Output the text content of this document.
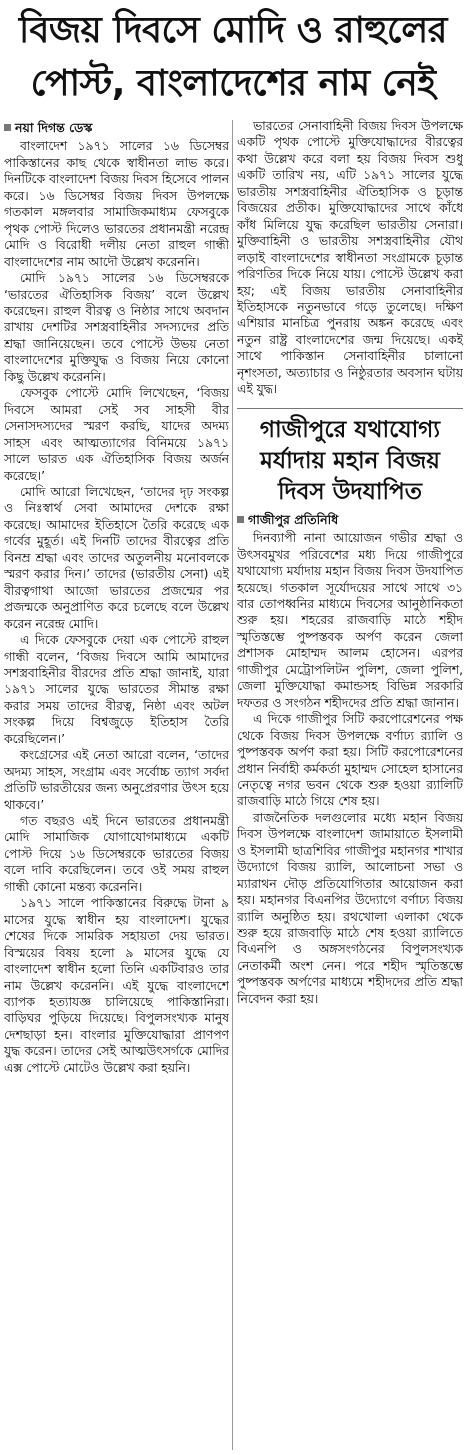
বিজয় দিবসে মোদি ও রাহুলের
পোস্ট, বাংলাদেশের নাম নেই
নয়া দিগন্ত ডেস্ক

বাংলাদেশ ১৯৭১ সালের ১৬ ডিসেম্বর পাকিস্তানের কাছ থেকে স্বাধীনতা লাভ করে। দিনটিকে বাংলাদেশ বিজয় দিবস হিসেবে পালন করে। ১৬ ডিসেম্বর বিজয় দিবস উপলক্ষে গতকাল মঙ্গলবার সামাজিকমাধ্যম ফেসবুকে পৃথক পোস্ট দিলেও ভারতের প্রধানমন্ত্রী নরেন্দ্র মোদি ও বিরোধী দলীয় নেতা রাহুল গান্ধী বাংলাদেশের নাম আদৌ উল্লেখ করেননি।

মোদি ১৯৭১ সালের ১৬ ডিসেম্বরকে ‘ভারতের ঐতিহাসিক বিজয়’ বলে উল্লেখ করেছেন। রাহুল বীরত্ব ও নিষ্ঠার সাথে অবদান রাখায় দেশটির সশস্ত্রবাহিনীর সদস্যদের প্রতি শ্রদ্ধা জানিয়েছেন। তবে পোস্টে উভয় নেতা বাংলাদেশের মুক্তিযুদ্ধ ও বিজয় নিয়ে কোনো কিছু উল্লেখ করেননি।

ফেসবুক পোস্টে মোদি লিখেছেন, ‘বিজয় দিবসে আমরা সেই সব সাহসী বীর সেনাসদস্যদের স্মরণ করছি, যাদের অদম্য সাহস এবং আত্মত্যাগের বিনিময়ে ১৯৭১ সালে ভারত এক ঐতিহাসিক বিজয় অর্জন করেছে।’

মোদি আরো লিখেছেন, ‘তাদের দৃঢ় সংকল্প ও নিঃস্বার্থ সেবা আমাদের দেশকে রক্ষা করেছে। আমাদের ইতিহাসে তৈরি করেছে এক গর্বের মুহূর্ত। এই দিনটি তাদের বীরত্বের প্রতি বিনম্র শ্রদ্ধা এবং তাদের অতুলনীয় মনোবলকে স্মরণ করার দিন।’ তাদের (ভারতীয় সেনা) এই বীরত্বগাথা আজো ভারতের প্রজন্মের পর প্রজন্মকে অনুপ্রাণিত করে চলেছে বলে উল্লেখ করেন নরেন্দ্র মোদি।

এ দিকে ফেসবুকে দেয়া এক পোস্টে রাহুল গান্ধী বলেন, ‘বিজয় দিবসে আমি আমাদের সশস্ত্রবাহিনীর বীরদের প্রতি শ্রদ্ধা জানাই, যারা ১৯৭১ সালের যুদ্ধে ভারতের সীমান্ত রক্ষা করার সময় তাদের বীরত্ব, নিষ্ঠা এবং অটল সংকল্প দিয়ে বিশ্বজুড়ে ইতিহাস তৈরি করেছিলেন।’

কংগ্রেসের এই নেতা আরো বলেন, ‘তাদের অদম্য সাহস, সংগ্রাম এবং সর্বোচ্চ ত্যাগ সর্বদা প্রতিটি ভারতীয়ের জন্য অনুপ্রেরণার উৎস হয়ে থাকবে।’

গত বছরও এই দিনে ভারতের প্রধানমন্ত্রী মোদি সামাজিক যোগাযোগমাধ্যমে একটি পোস্ট দিয়ে ১৬ ডিসেম্বরকে ভারতের বিজয় বলে দাবি করেছিলেন। তবে ওই সময় রাহুল গান্ধী কোনো মন্তব্য করেননি।

১৯৭১ সালে পাকিস্তানের বিরুদ্ধে টানা ৯ মাসের যুদ্ধে স্বাধীন হয় বাংলাদেশ। যুদ্ধের শেষের দিকে সামরিক সহায়তা দেয় ভারত। বিস্ময়ের বিষয় হলো ৯ মাসের যুদ্ধে যে বাংলাদেশ স্বাধীন হলো তিনি একটিবারও তার নাম উল্লেখ করেননি। এই যুদ্ধে বাংলাদেশে ব্যাপক হত্যাযজ্ঞ চালিয়েছে পাকিস্তানিরা। বাড়িঘর পুড়িয়ে দিয়েছে। বিপুলসংখ্যক মানুষ দেশছাড়া হন। বাংলার মুক্তিযোদ্ধারা প্রাণপণ যুদ্ধ করেন। তাদের সেই আত্মউৎসর্গকে মোদির এক্স পোস্টে মোটেও উল্লেখ করা হয়নি।

ভারতের সেনাবাহিনী বিজয় দিবস উপলক্ষে একটি পৃথক পোস্টে মুক্তিযোদ্ধাদের বীরত্বের কথা উল্লেখ করে বলা হয় বিজয় দিবস শুধু একটি তারিখ নয়, এটি ১৯৭১ সালের যুদ্ধে ভারতীয় সশস্ত্রবাহিনীর ঐতিহাসিক ও চূড়ান্ত বিজয়ের প্রতীক। মুক্তিযোদ্ধাদের সাথে কাঁধে কাঁধ মিলিয়ে যুদ্ধ করেছিল ভারতীয় সেনারা। মুক্তিবাহিনী ও ভারতীয় সশস্ত্রবাহিনীর যৌথ লড়াই বাংলাদেশের স্বাধীনতা সংগ্রামকে চূড়ান্ত পরিণতির দিকে নিয়ে যায়। পোস্টে উল্লেখ করা হয়; এই বিজয় ভারতীয় সেনাবাহিনীর ইতিহাসকে নতুনভাবে গড়ে তুলেছে। দক্ষিণ এশিয়ার মানচিত্র পুনরায় অঙ্কন করেছে এবং নতুন রাষ্ট্র বাংলাদেশের জন্ম দিয়েছে। একই সাথে পাকিস্তান সেনাবাহিনীর চালানো নৃশংসতা, অত্যাচার ও নিষ্ঠুরতার অবসান ঘটায় এই যুদ্ধ।

গাজীপুরে যথাযোগ্য
মর্যাদায় মহান বিজয়
দিবস উদযাপিত
গাজীপুর প্রতিনিধি

দিনব্যাপী নানা আয়োজন গভীর শ্রদ্ধা ও উৎসবমুখর পরিবেশের মধ্য দিয়ে গাজীপুরে যথাযোগ্য মর্যাদায় মহান বিজয় দিবস উদযাপিত হয়েছে। গতকাল সূর্যোদয়ের সাথে সাথে ৩১ বার তোপধ্বনির মাধ্যমে দিবসের আনুষ্ঠানিকতা শুরু হয়। শহরের রাজবাড়ি মাঠে শহীদ স্মৃতিস্তম্ভে পুষ্পস্তবক অর্পণ করেন জেলা প্রশাসক মোহাম্মদ আলম হোসেন। এরপর গাজীপুর মেট্রোপলিটন পুলিশ, জেলা পুলিশ, জেলা মুক্তিযোদ্ধা কমান্ডসহ বিভিন্ন সরকারি দফতর ও সংগঠন শহীদদের প্রতি শ্রদ্ধা জানান।

এ দিকে গাজীপুর সিটি করপোরেশনের পক্ষ থেকে বিজয় দিবস উপলক্ষে বর্ণাঢ্য র‍্যালি ও পুষ্পস্তবক অর্পণ করা হয়। সিটি করপোরেশনের প্রধান নির্বাহী কর্মকর্তা মুহাম্মদ সোহেল হাসানের নেতৃত্বে নগর ভবন থেকে শুরু হওয়া র‍্যালিটি রাজবাড়ি মাঠে গিয়ে শেষ হয়।

রাজনৈতিক দলগুলোর মধ্যে মহান বিজয় দিবস উপলক্ষে বাংলাদেশ জামায়াতে ইসলামী ও ইসলামী ছাত্রশিবির গাজীপুর মহানগর শাখার উদ্যোগে বিজয় র‍্যালি, আলোচনা সভা ও ম্যারাথন দৌড় প্রতিযোগিতার আয়োজন করা হয়। মহানগর বিএনপির উদ্যোগে বর্ণাঢ্য বিজয় র‍্যালি অনুষ্ঠিত হয়। রথখোলা এলাকা থেকে শুরু হয়ে রাজবাড়ি মাঠে শেষ হওয়া র‍্যালিতে বিএনপি ও অঙ্গসংগঠনের বিপুলসংখ্যক নেতাকর্মী অংশ নেন। পরে শহীদ স্মৃতিস্তম্ভে পুষ্পস্তবক অর্পণের মাধ্যমে শহীদদের প্রতি শ্রদ্ধা নিবেদন করা হয়।
